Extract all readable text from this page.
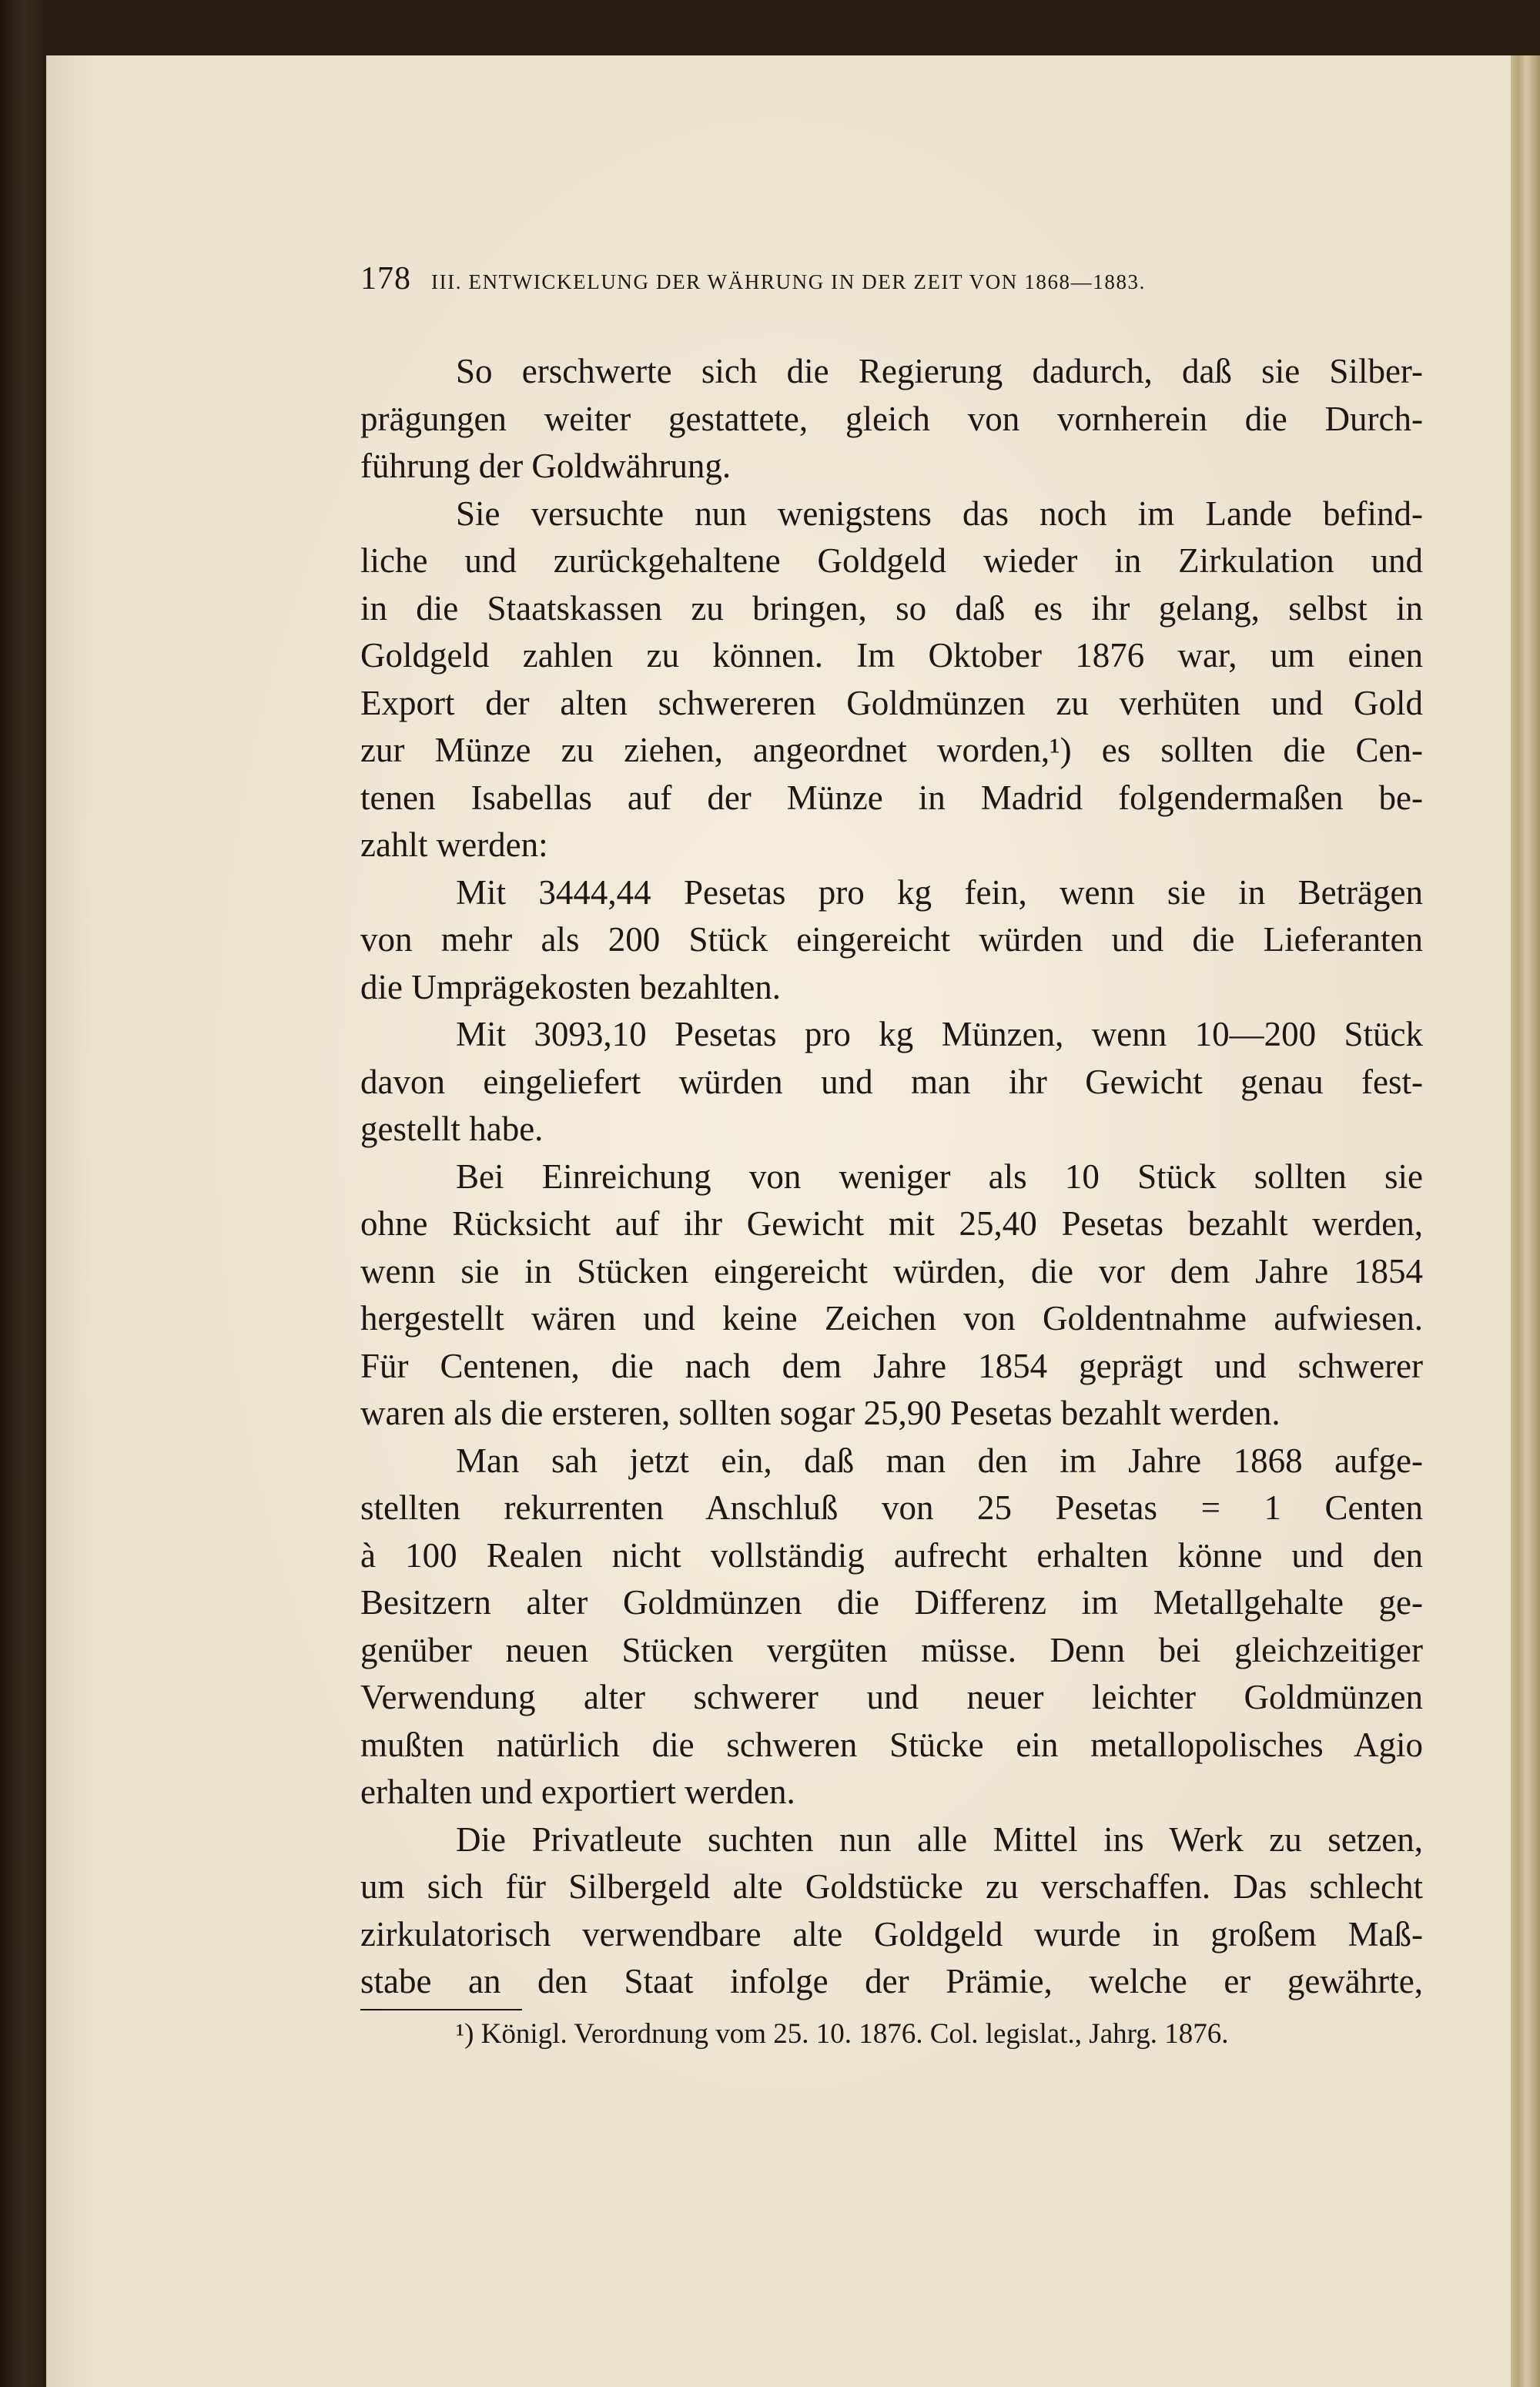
178 III. ENTWICKELUNG DER WÄHRUNG IN DER ZEIT VON 1868—1883.
So erschwerte sich die Regierung dadurch, daß sie Silber-
prägungen weiter gestattete, gleich von vornherein die Durch-
führung der Goldwährung.
Sie versuchte nun wenigstens das noch im Lande befind-
liche und zurückgehaltene Goldgeld wieder in Zirkulation und
in die Staatskassen zu bringen, so daß es ihr gelang, selbst in
Goldgeld zahlen zu können. Im Oktober 1876 war, um einen
Export der alten schwereren Goldmünzen zu verhüten und Gold
zur Münze zu ziehen, angeordnet worden,¹) es sollten die Cen-
tenen Isabellas auf der Münze in Madrid folgendermaßen be-
zahlt werden:
Mit 3444,44 Pesetas pro kg fein, wenn sie in Beträgen
von mehr als 200 Stück eingereicht würden und die Lieferanten
die Umprägekosten bezahlten.
Mit 3093,10 Pesetas pro kg Münzen, wenn 10—200 Stück
davon eingeliefert würden und man ihr Gewicht genau fest-
gestellt habe.
Bei Einreichung von weniger als 10 Stück sollten sie
ohne Rücksicht auf ihr Gewicht mit 25,40 Pesetas bezahlt werden,
wenn sie in Stücken eingereicht würden, die vor dem Jahre 1854
hergestellt wären und keine Zeichen von Goldentnahme aufwiesen.
Für Centenen, die nach dem Jahre 1854 geprägt und schwerer
waren als die ersteren, sollten sogar 25,90 Pesetas bezahlt werden.
Man sah jetzt ein, daß man den im Jahre 1868 aufge-
stellten rekurrenten Anschluß von 25 Pesetas = 1 Centen
à 100 Realen nicht vollständig aufrecht erhalten könne und den
Besitzern alter Goldmünzen die Differenz im Metallgehalte ge-
genüber neuen Stücken vergüten müsse. Denn bei gleichzeitiger
Verwendung alter schwerer und neuer leichter Goldmünzen
mußten natürlich die schweren Stücke ein metallopolisches Agio
erhalten und exportiert werden.
Die Privatleute suchten nun alle Mittel ins Werk zu setzen,
um sich für Silbergeld alte Goldstücke zu verschaffen. Das schlecht
zirkulatorisch verwendbare alte Goldgeld wurde in großem Maß-
stabe an den Staat infolge der Prämie, welche er gewährte,
¹) Königl. Verordnung vom 25. 10. 1876. Col. legislat., Jahrg. 1876.
